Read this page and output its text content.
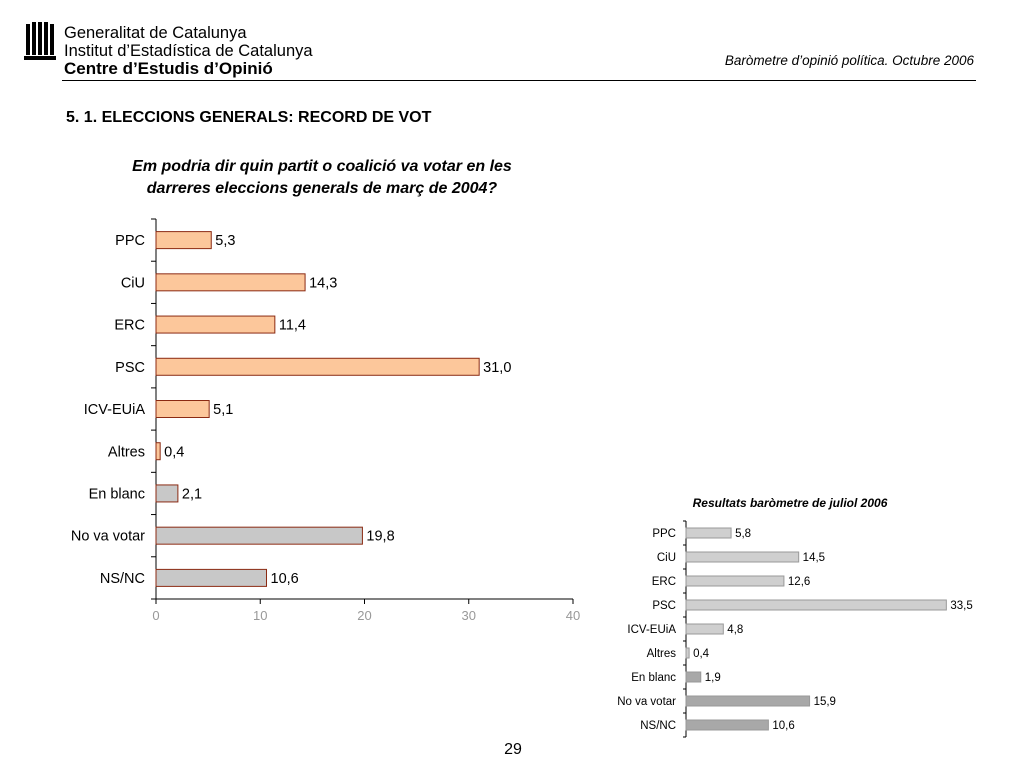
Generalitat de Catalunya
Institut d’Estadística de Catalunya
Centre d’Estudis d’Opinió	Baròmetre d’opinió política. Octubre 2006
5. 1. ELECCIONS GENERALS: RECORD DE VOT
Em podria dir quin partit o coalició va votar en les darreres eleccions generals de març de 2004?
PPC	5,3
CiU	14,3
ERC	11,4
PSC	31,0
ICV-EUiA	5,1
Altres 0,4
En blanc	2,1
No va votar	19,8
NS/NC	10,6
0	10	20	30	40
PPC	5,8
CiU	14,5
ERC	12,6
PSC	33,5
ICV-EUiA	4,8
Altres 0,4
En blanc	1,9
No va votar	15,9
NS/NC	10,6
Resultats baròmetre de juliol 2006
29
